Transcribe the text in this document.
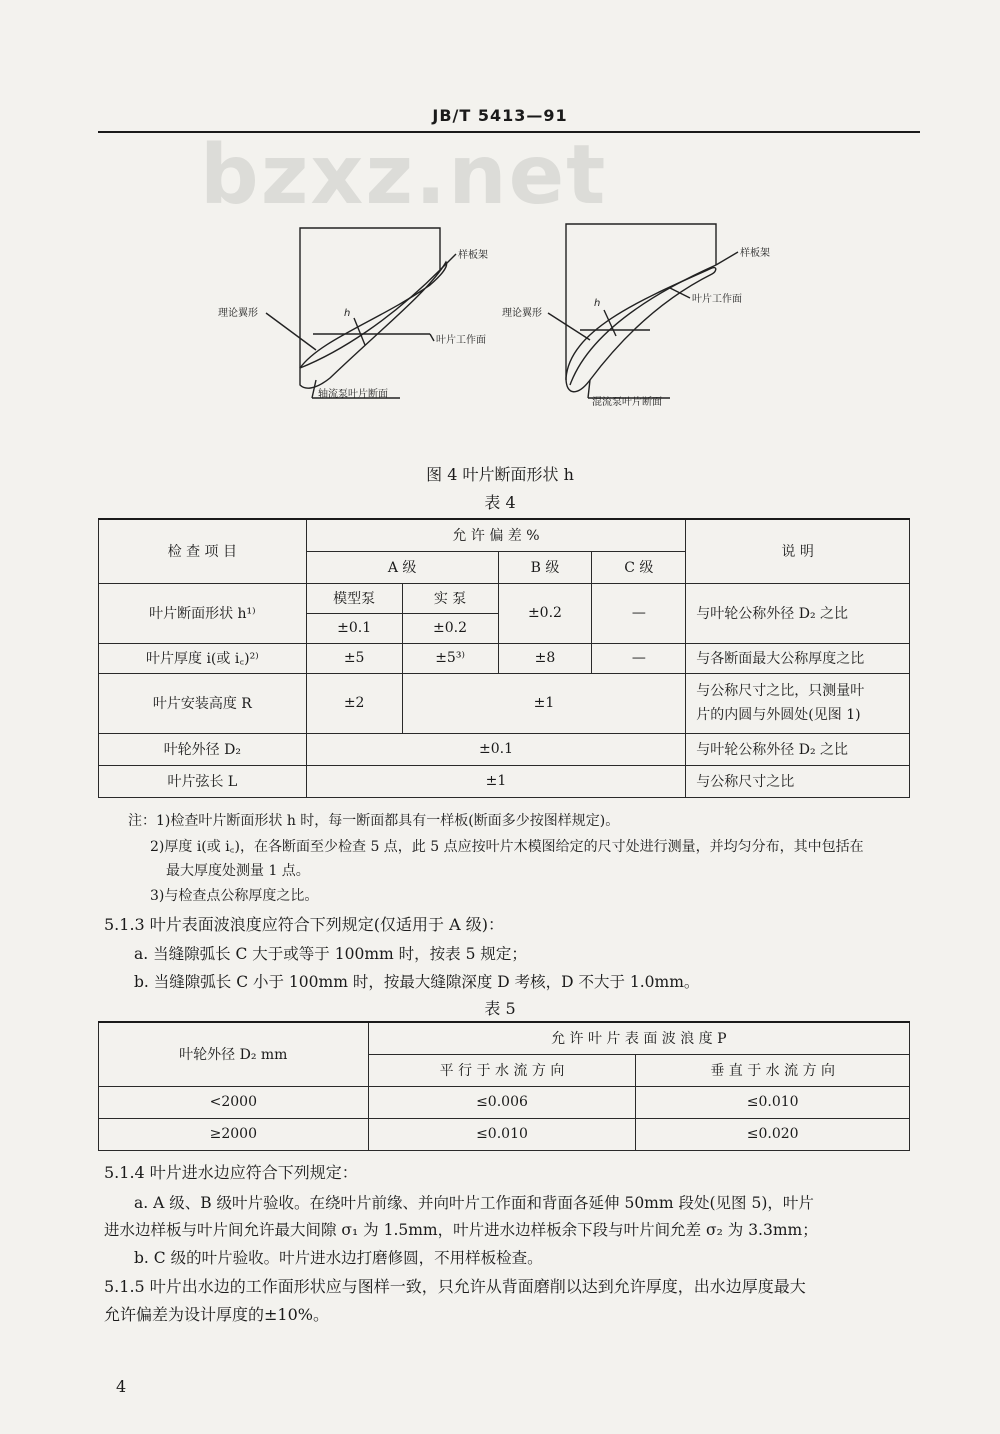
JB/T 5413—91
bzxz.net
样板架
理论翼形	h
叶片工作面
轴流泵叶片断面
样板架
理论翼形
h	叶片工作面
混流泵叶片断面
图 4 叶片断面形状 h
表 4
检 查 项 目	允 许 偏 差 %				说 明
	A 级		B 级	C 级	
叶片断面形状 h¹⁾	模型泵	实 泵	±0.2	—	与叶轮公称外径 D₂ 之比
	±0.1	±0.2			
叶片厚度 i(或 i꜀)²⁾	±5	±5³⁾	±8	—	与各断面最大公称厚度之比
叶片安装高度 R	±2	±1			与公称尺寸之比，只测量叶
片的内圆与外圆处(见图 1)

叶轮外径 D₂	±0.1				与叶轮公称外径 D₂ 之比
叶片弦长 L	±1				与公称尺寸之比
注：1)检查叶片断面形状 h 时，每一断面都具有一样板(断面多少按图样规定)。
2)厚度 i(或 i꜀)，在各断面至少检查 5 点，此 5 点应按叶片木模图给定的尺寸处进行测量，并均匀分布，其中包括在
最大厚度处测量 1 点。
3)与检查点公称厚度之比。
5.1.3 叶片表面波浪度应符合下列规定(仅适用于 A 级)：
a. 当缝隙弧长 C 大于或等于 100mm 时，按表 5 规定；
b. 当缝隙弧长 C 小于 100mm 时，按最大缝隙深度 D 考核，D 不大于 1.0mm。
表 5
叶轮外径 D₂ mm	允 许 叶 片 表 面 波 浪 度 P	
	平 行 于 水 流 方 向	垂 直 于 水 流 方 向
<2000	≤0.006	≤0.010
≥2000	≤0.010	≤0.020
5.1.4 叶片进水边应符合下列规定：
a. A 级、B 级叶片验收。在绕叶片前缘、并向叶片工作面和背面各延伸 50mm 段处(见图 5)，叶片
进水边样板与叶片间允许最大间隙 σ₁ 为 1.5mm，叶片进水边样板余下段与叶片间允差 σ₂ 为 3.3mm；
b. C 级的叶片验收。叶片进水边打磨修圆，不用样板检查。
5.1.5 叶片出水边的工作面形状应与图样一致，只允许从背面磨削以达到允许厚度，出水边厚度最大
允许偏差为设计厚度的±10%。
4
